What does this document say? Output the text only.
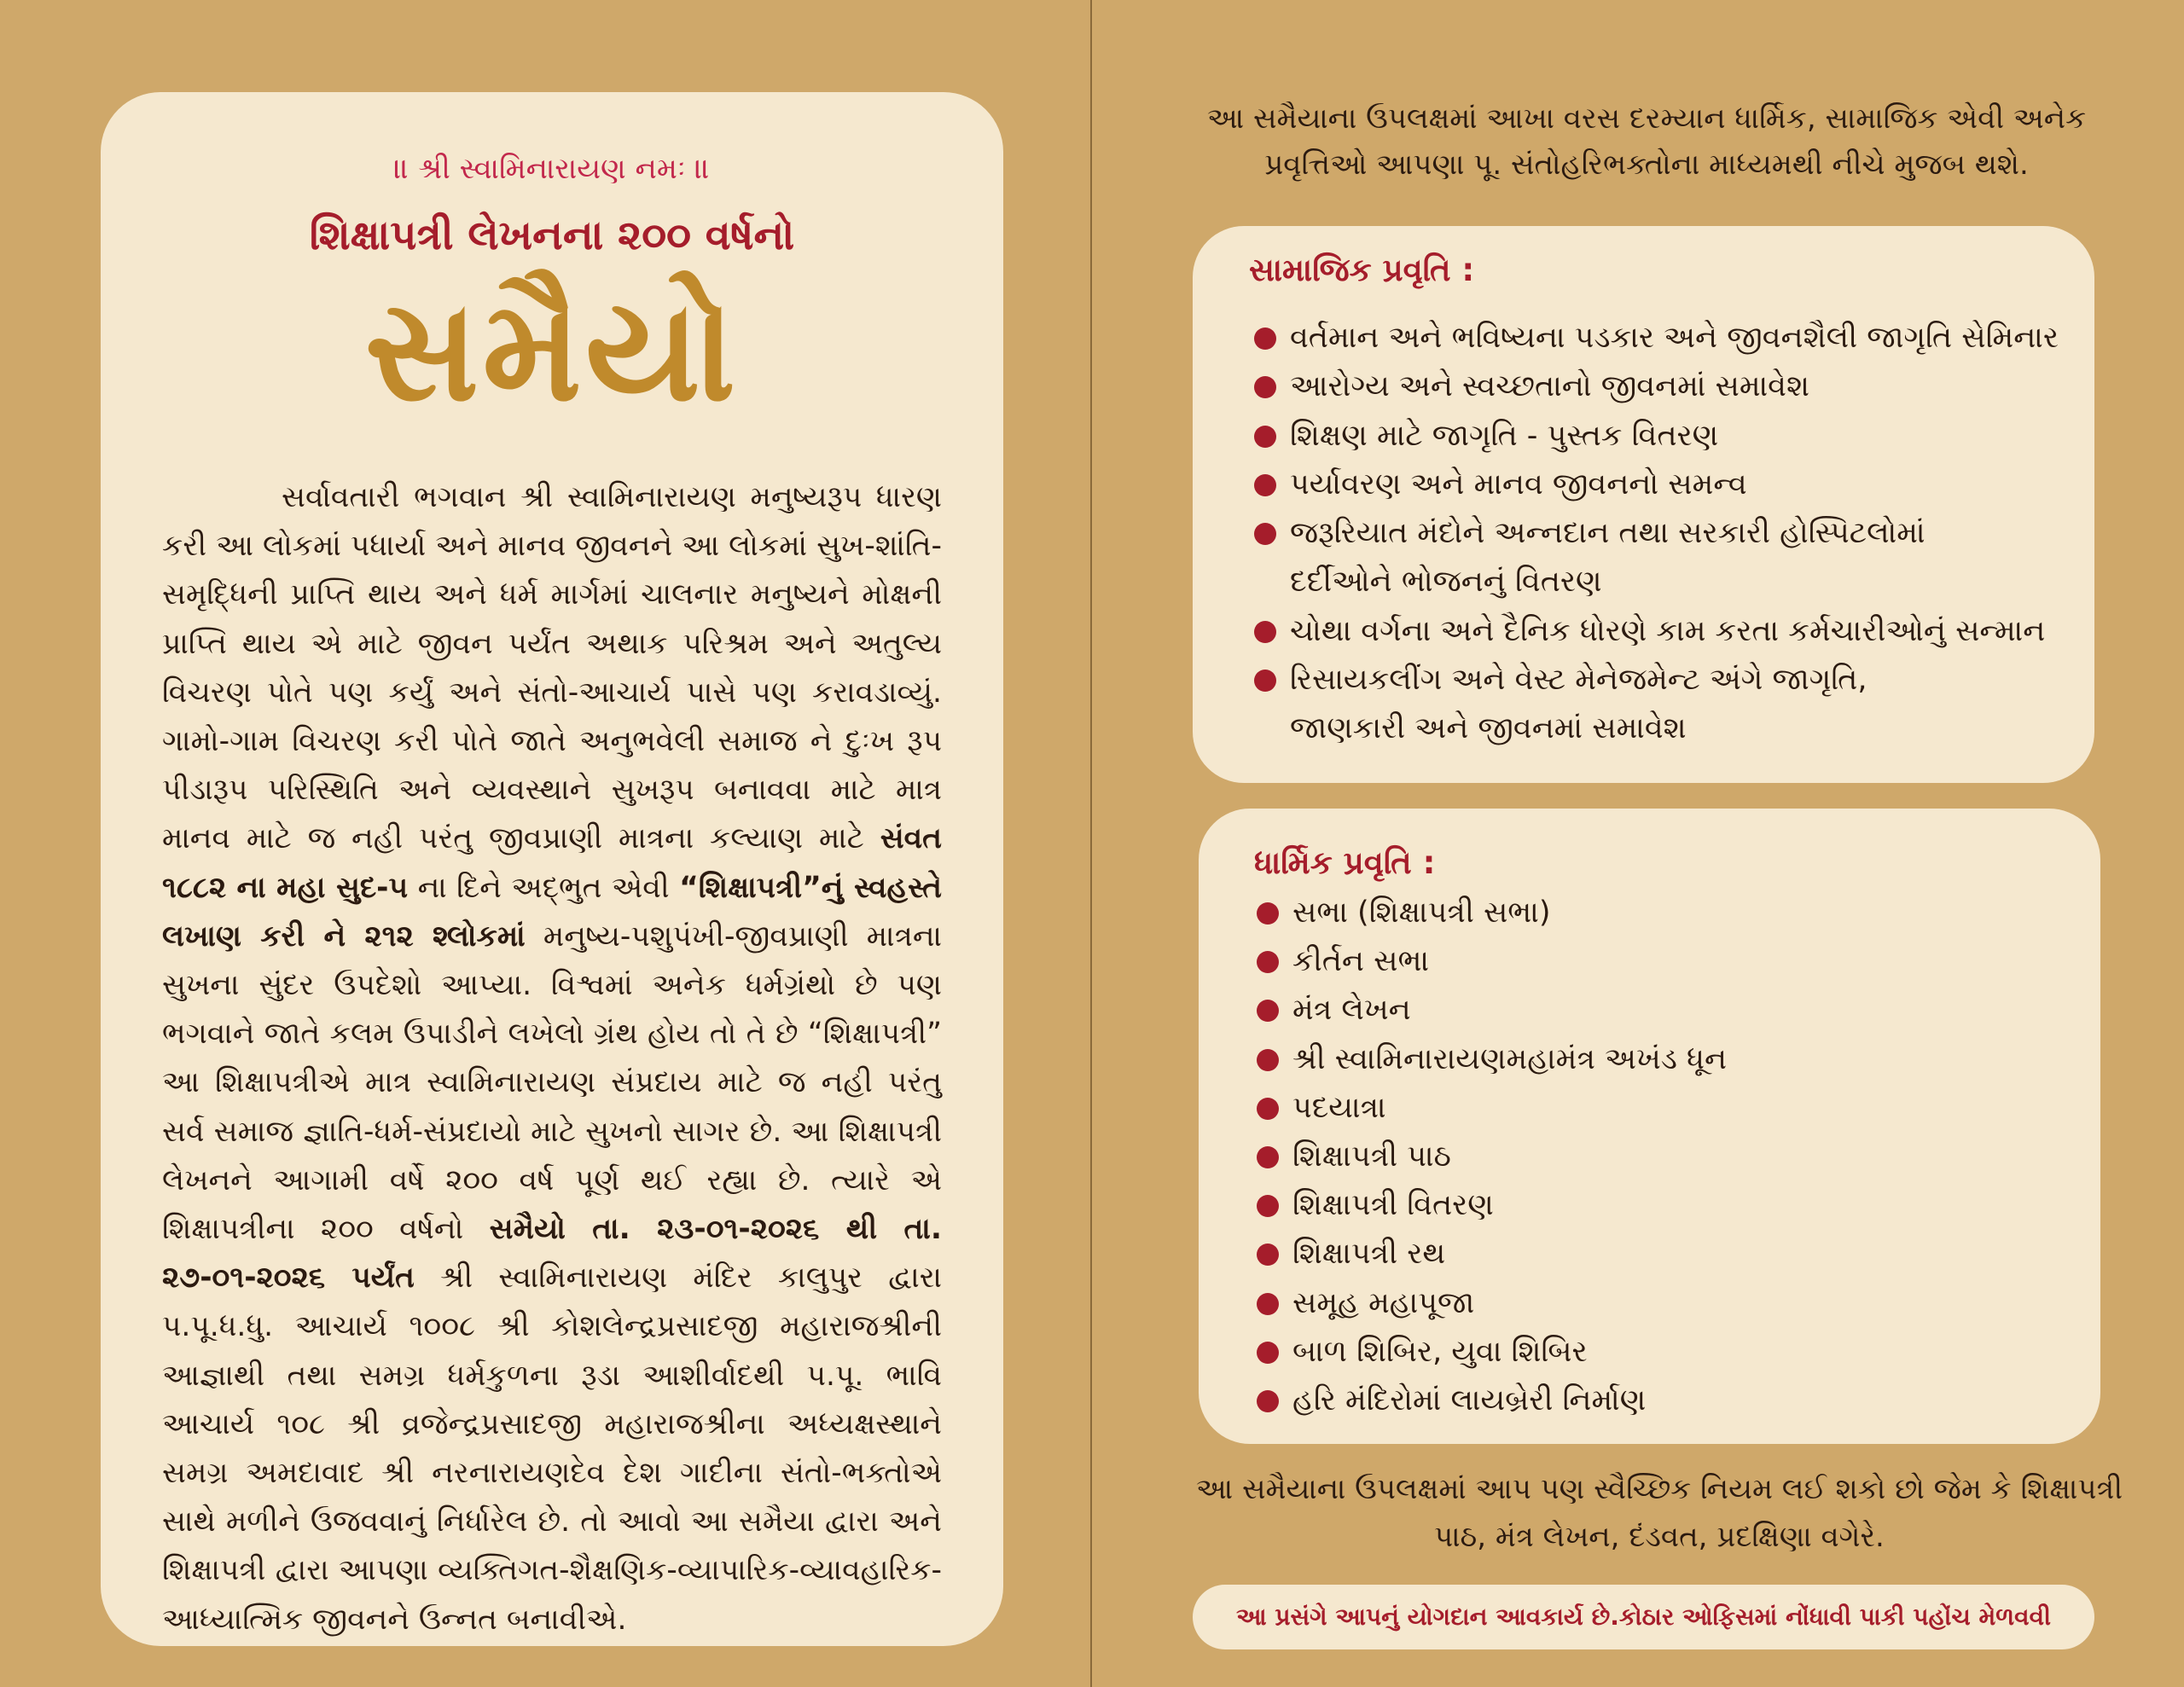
॥ શ્રી સ્વામિનારાયણ નમઃ ॥
શિક્ષાપત્રી લેખનના ૨૦૦ વર્ષનો
સમૈયો
સર્વાવતારી ભગવાન શ્રી સ્વામિનારાયણ મનુષ્યરૂપ ધારણ કરી આ લોકમાં પધાર્યા અને માનવ જીવનને આ લોકમાં સુખ-શાંતિ-સમૃદ્ધિની પ્રાપ્તિ થાય અને ધર્મ માર્ગમાં ચાલનાર મનુષ્યને મોક્ષની પ્રાપ્તિ થાય એ માટે જીવન પર્યંત અથાક પરિશ્રમ અને અતુલ્ય વિચરણ પોતે પણ કર્યું અને સંતો-આચાર્ય પાસે પણ કરાવડાવ્યું. ગામો-ગામ વિચરણ કરી પોતે જાતે અનુભવેલી સમાજ ને દુઃખ રૂપ પીડારૂપ પરિસ્થિતિ અને વ્યવસ્થાને સુખરૂપ બનાવવા માટે માત્ર માનવ માટે જ નહી પરંતુ જીવપ્રાણી માત્રના કલ્યાણ માટે સંવત ૧૮૮૨ ના મહા સુદ-૫ ના દિને અદ્‌ભુત એવી “શિક્ષાપત્રી”નું સ્વહસ્તે લખાણ કરી ને ૨૧૨ શ્લોકમાં મનુષ્ય-પશુપંખી-જીવપ્રાણી માત્રના સુખના સુંદર ઉપદેશો આપ્યા. વિશ્વમાં અનેક ધર્મગ્રંથો છે પણ ભગવાને જાતે કલમ ઉપાડીને લખેલો ગ્રંથ હોય તો તે છે “શિક્ષાપત્રી” આ શિક્ષાપત્રીએ માત્ર સ્વામિનારાયણ સંપ્રદાય માટે જ નહી પરંતુ સર્વ સમાજ જ્ઞાતિ-ધર્મ-સંપ્રદાયો માટે સુખનો સાગર છે. આ શિક્ષાપત્રી લેખનને આગામી વર્ષે ૨૦૦ વર્ષ પૂર્ણ થઈ રહ્યા છે. ત્યારે એ શિક્ષાપત્રીના ૨૦૦ વર્ષનો સમૈયો તા. ૨૩-૦૧-૨૦૨૬ થી તા. ૨૭-૦૧-૨૦૨૬ પર્યંત શ્રી સ્વામિનારાયણ મંદિર કાલુપુર દ્વારા પ.પૂ.ધ.ધુ. આચાર્ય ૧૦૦૮ શ્રી કોશલેન્દ્રપ્રસાદજી મહારાજશ્રીની આજ્ઞાથી તથા સમગ્ર ધર્મકુળના રૂડા આશીર્વાદથી પ.પૂ. ભાવિ આચાર્ય ૧૦૮ શ્રી વ્રજેન્દ્રપ્રસાદજી મહારાજશ્રીના અધ્યક્ષસ્થાને સમગ્ર અમદાવાદ શ્રી નરનારાયણદેવ દેશ ગાદીના સંતો-ભક્તોએ સાથે મળીને ઉજવવાનું નિર્ધારેલ છે. તો આવો આ સમૈયા દ્વારા અને શિક્ષાપત્રી દ્વારા આપણા વ્યક્તિગત-શૈક્ષણિક-વ્યાપારિક-વ્યાવહારિક-આધ્યાત્મિક જીવનને ઉન્નત બનાવીએ.
આ સમૈયાના ઉપલક્ષમાં આખા વરસ દરમ્યાન ધાર્મિક, સામાજિક એવી અનેક પ્રવૃત્તિઓ આપણા પૂ. સંતોહરિભક્તોના માધ્યમથી નીચે મુજબ થશે.
સામાજિક પ્રવૃતિ :
વર્તમાન અને ભવિષ્યના પડકાર અને જીવનશૈલી જાગૃતિ સેમિનાર
આરોગ્ય અને સ્વચ્છતાનો જીવનમાં સમાવેશ
શિક્ષણ માટે જાગૃતિ - પુસ્તક વિતરણ
પર્યાવરણ અને માનવ જીવનનો સમન્વ
જરૂરિયાત મંદોને અન્નદાન તથા સરકારી હોસ્પિટલોમાં દર્દીઓને ભોજનનું વિતરણ
ચોથા વર્ગના અને દૈનિક ધોરણે કામ કરતા કર્મચારીઓનું સન્માન
રિસાયકલીંગ અને વેસ્ટ મેનેજમેન્ટ અંગે જાગૃતિ, જાણકારી અને જીવનમાં સમાવેશ
ધાર્મિક પ્રવૃતિ :
સભા (શિક્ષાપત્રી સભા)
કીર્તન સભા
મંત્ર લેખન
શ્રી સ્વામિનારાયણમહામંત્ર અખંડ ધૂન
પદયાત્રા
શિક્ષાપત્રી પાઠ
શિક્ષાપત્રી વિતરણ
શિક્ષાપત્રી રથ
સમૂહ મહાપૂજા
બાળ શિબિર, યુવા શિબિર
હરિ મંદિરોમાં લાયબ્રેરી નિર્માણ
આ સમૈયાના ઉપલક્ષમાં આપ પણ સ્વૈચ્છિક નિયમ લઈ શકો છો જેમ કે શિક્ષાપત્રી પાઠ, મંત્ર લેખન, દંડવત, પ્રદક્ષિણા વગેરે.
આ પ્રસંગે આપનું યોગદાન આવકાર્ય છે.કોઠાર ઓફિસમાં નોંધાવી પાકી પહોંચ મેળવવી
